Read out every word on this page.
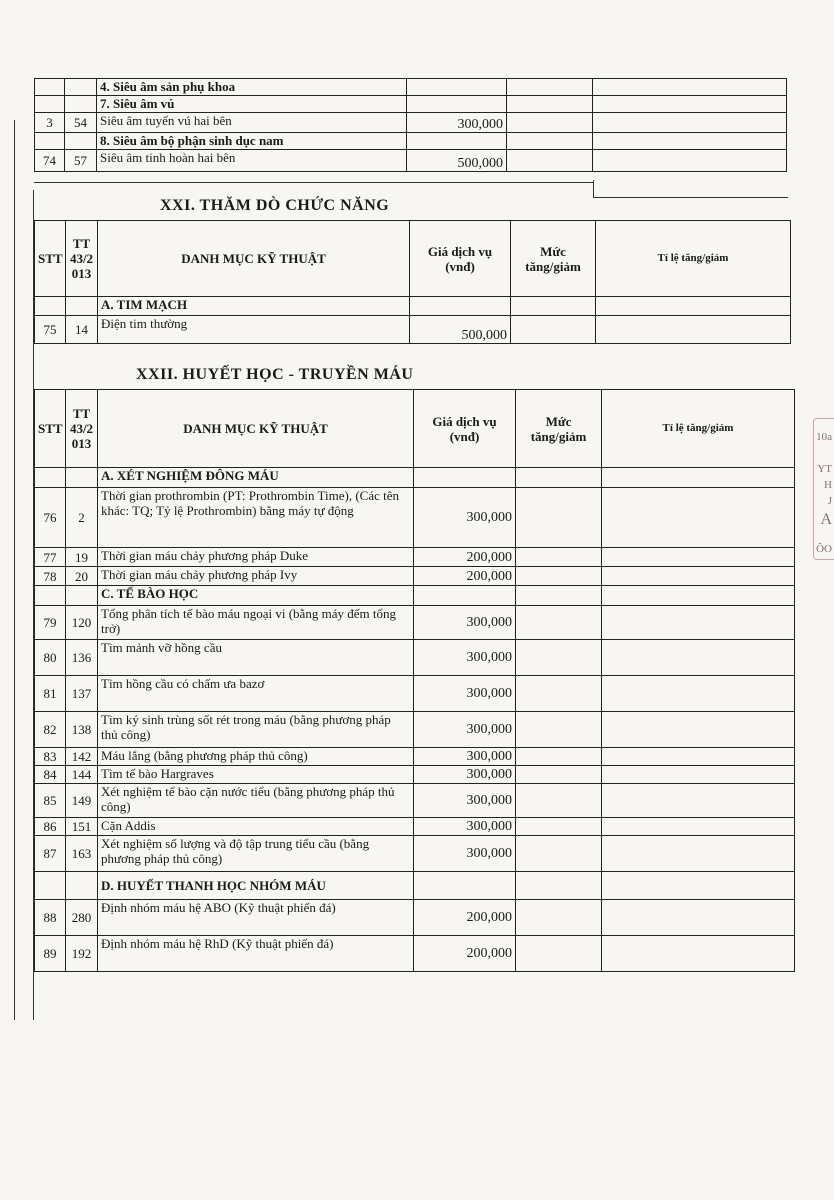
		4. Siêu âm sản phụ khoa			
		7. Siêu âm vú			
3	54	Siêu âm tuyến vú hai bên	300,000		
		8. Siêu âm bộ phận sinh dục nam			
74	57	Siêu âm tinh hoàn hai bên	500,000		
XXI. THĂM DÒ CHỨC NĂNG
STT	TT 43/2 013	DANH MỤC KỸ THUẬT	Giá dịch vụ (vnđ)	Mức tăng/giảm	Tỉ lệ tăng/giảm
		A. TIM MẠCH			
75	14	Điện tim thường	500,000		
XXII. HUYẾT HỌC - TRUYỀN MÁU
STT	TT 43/2 013	DANH MỤC KỸ THUẬT	Giá dịch vụ (vnđ)	Mức tăng/giảm	Tỉ lệ tăng/giảm
		A. XÉT NGHIỆM ĐÔNG MÁU			
76	2	Thời gian prothrombin (PT: Prothrombin Time), (Các tên khác: TQ; Tỷ lệ Prothrombin) bằng máy tự động	300,000		
77	19	Thời gian máu chảy phương pháp Duke	200,000		
78	20	Thời gian máu chảy phương pháp Ivy	200,000		
		C. TẾ BÀO HỌC			
79	120	Tổng phân tích tế bào máu ngoại vi (bằng máy đếm tổng trở)	300,000		
80	136	Tìm mảnh vỡ hồng cầu	300,000		
81	137	Tìm hồng cầu có chấm ưa bazơ	300,000		
82	138	Tìm ký sinh trùng sốt rét trong máu (bằng phương pháp thủ công)	300,000		
83	142	Máu lắng (bằng phương pháp thủ công)	300,000		
84	144	Tìm tế bào Hargraves	300,000		
85	149	Xét nghiệm tế bào cặn nước tiểu (bằng phương pháp thủ công)	300,000		
86	151	Cặn Addis	300,000		
87	163	Xét nghiệm số lượng và độ tập trung tiểu cầu (bằng phương pháp thủ công)	300,000		
		D. HUYẾT THANH HỌC NHÓM MÁU			
88	280	Định nhóm máu hệ ABO (Kỹ thuật phiến đá)	200,000		
89	192	Định nhóm máu hệ RhD (Kỹ thuật phiến đá)	200,000		
10a
YT
H
J
A
ÔO
